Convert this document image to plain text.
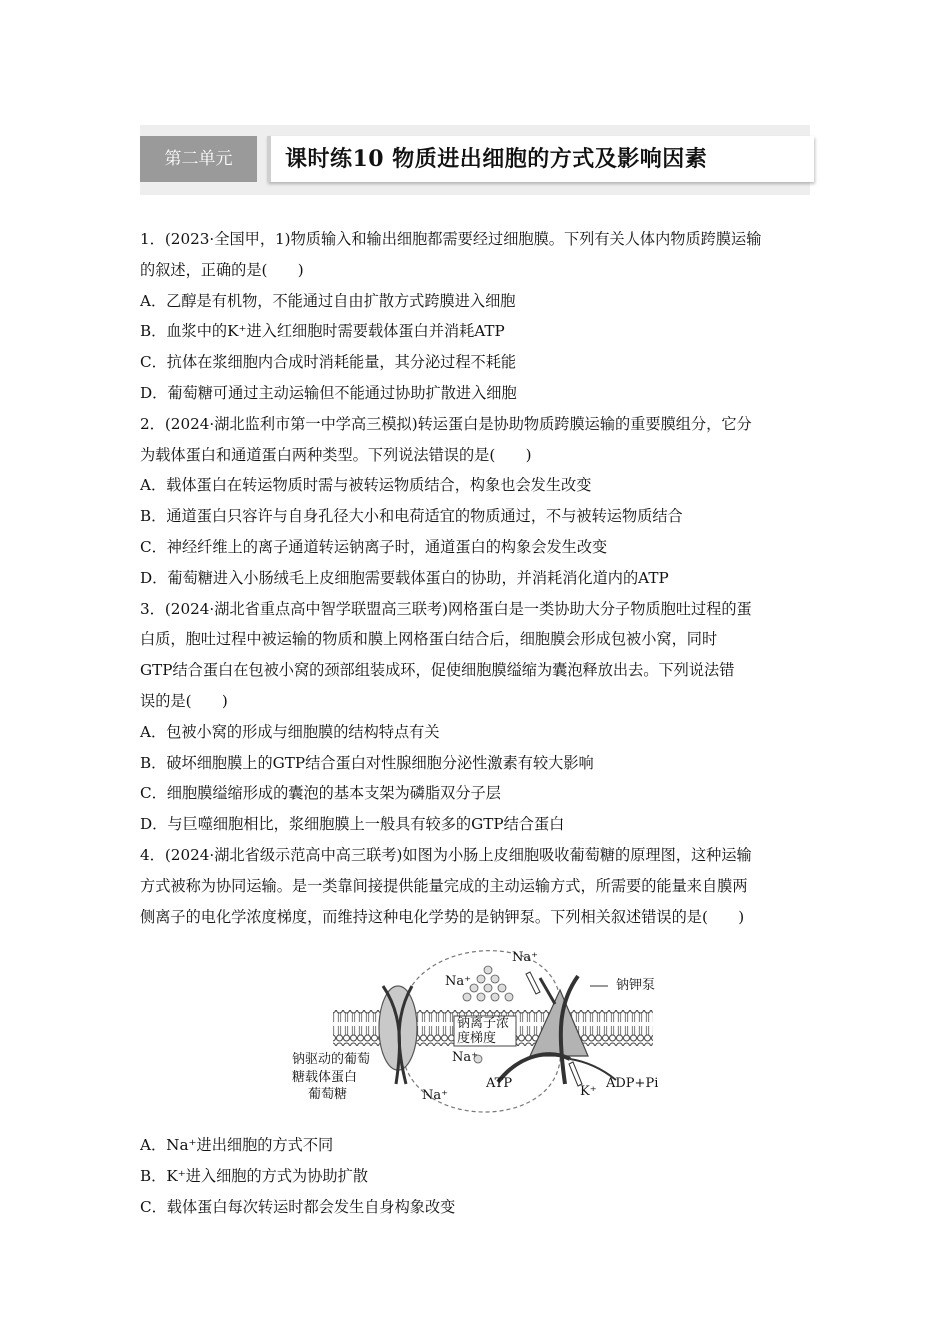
第二单元	课时练10 物质进出细胞的方式及影响因素
1．(2023·全国甲，1)物质输入和输出细胞都需要经过细胞膜。下列有关人体内物质跨膜运输
的叙述，正确的是(　　)
A．乙醇是有机物，不能通过自由扩散方式跨膜进入细胞
B．血浆中的K⁺进入红细胞时需要载体蛋白并消耗ATP
C．抗体在浆细胞内合成时消耗能量，其分泌过程不耗能
D．葡萄糖可通过主动运输但不能通过协助扩散进入细胞
2．(2024·湖北监利市第一中学高三模拟)转运蛋白是协助物质跨膜运输的重要膜组分，它分
为载体蛋白和通道蛋白两种类型。下列说法错误的是(　　)
A．载体蛋白在转运物质时需与被转运物质结合，构象也会发生改变
B．通道蛋白只容许与自身孔径大小和电荷适宜的物质通过，不与被转运物质结合
C．神经纤维上的离子通道转运钠离子时，通道蛋白的构象会发生改变
D．葡萄糖进入小肠绒毛上皮细胞需要载体蛋白的协助，并消耗消化道内的ATP
3．(2024·湖北省重点高中智学联盟高三联考)网格蛋白是一类协助大分子物质胞吐过程的蛋
白质，胞吐过程中被运输的物质和膜上网格蛋白结合后，细胞膜会形成包被小窝，同时
GTP结合蛋白在包被小窝的颈部组装成环，促使细胞膜缢缩为囊泡释放出去。下列说法错
误的是(　　)
A．包被小窝的形成与细胞膜的结构特点有关
B．破坏细胞膜上的GTP结合蛋白对性腺细胞分泌性激素有较大影响
C．细胞膜缢缩形成的囊泡的基本支架为磷脂双分子层
D．与巨噬细胞相比，浆细胞膜上一般具有较多的GTP结合蛋白
4．(2024·湖北省级示范高中高三联考)如图为小肠上皮细胞吸收葡萄糖的原理图，这种运输
方式被称为协同运输。是一类靠间接提供能量完成的主动运输方式，所需要的能量来自膜两
侧离子的电化学浓度梯度，而维持这种电化学势的是钠钾泵。下列相关叙述错误的是(　　)
Na⁺
Na⁺
钠钾泵
钠离子浓
度梯度
Na⁺
钠驱动的葡萄
糖载体蛋白
葡萄糖	Na⁺
ATP
K⁺
ADP+Pi
A．Na⁺进出细胞的方式不同
B．K⁺进入细胞的方式为协助扩散
C．载体蛋白每次转运时都会发生自身构象改变
